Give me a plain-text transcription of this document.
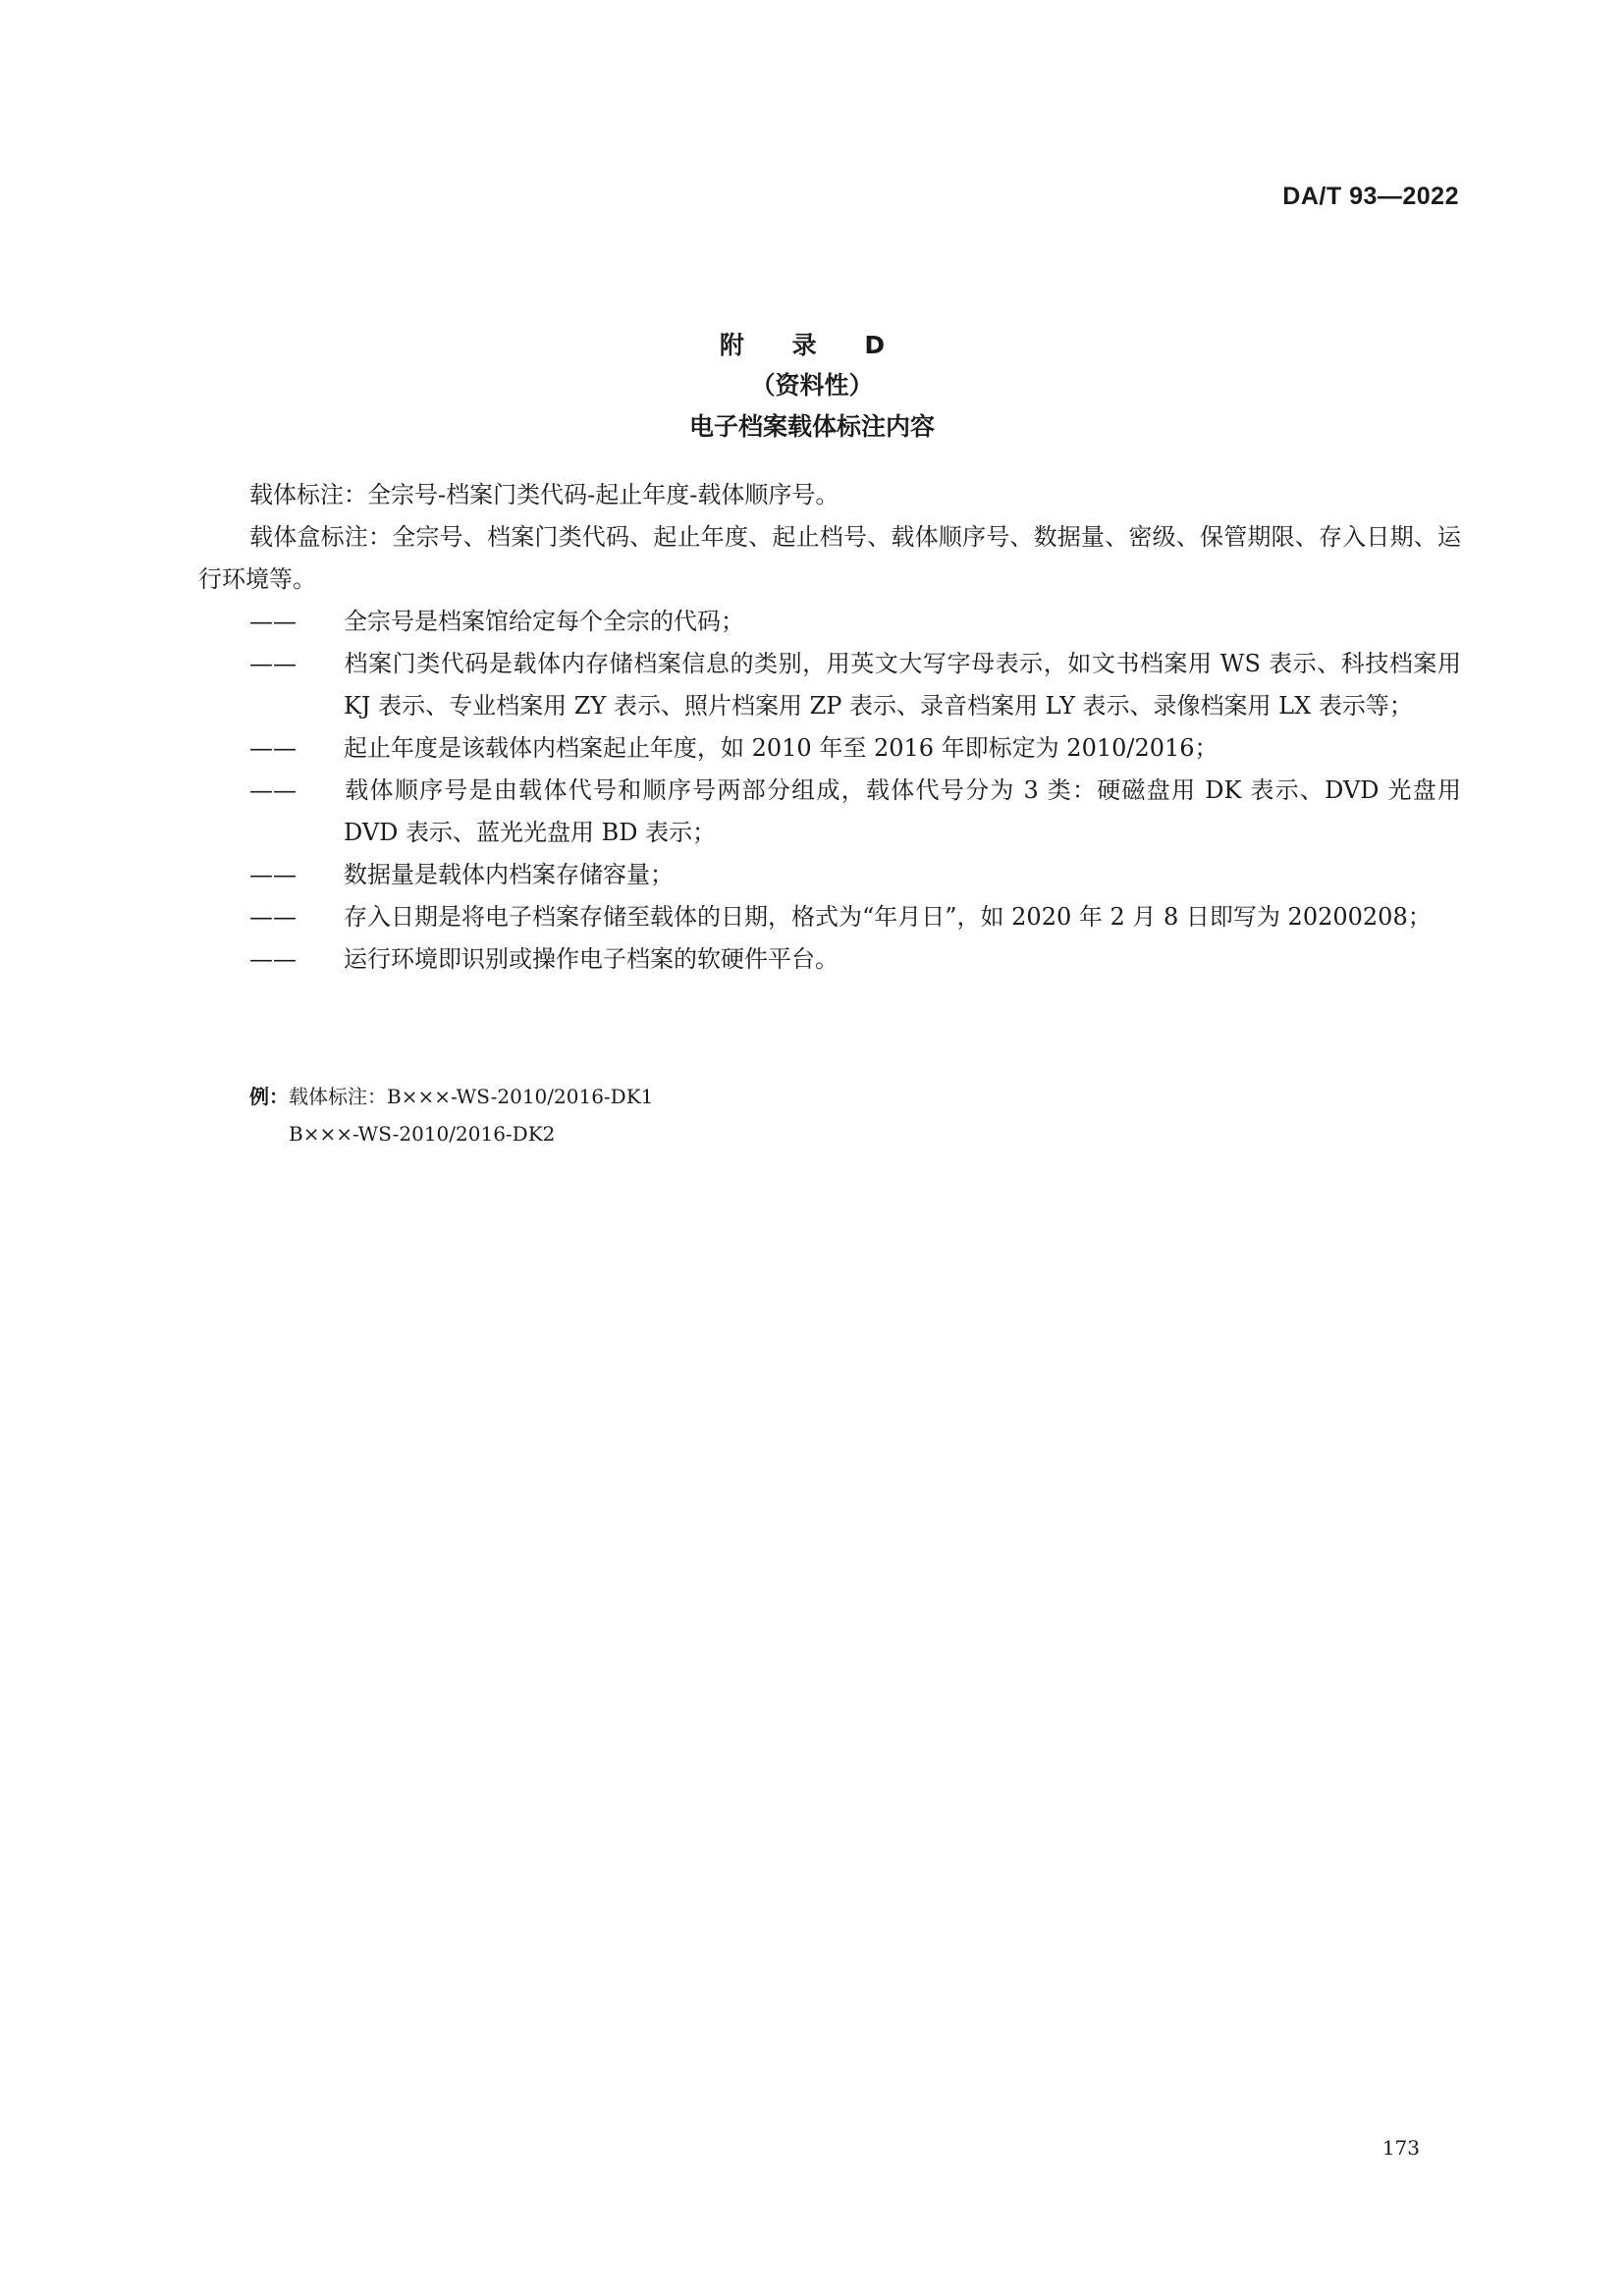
DA/T 93—2022
附 录 D
（资料性）
电子档案载体标注内容
载体标注：全宗号-档案门类代码-起止年度-载体顺序号。
载体盒标注：全宗号、档案门类代码、起止年度、起止档号、载体顺序号、数据量、密级、保管期限、存入日期、运行环境等。
—— 全宗号是档案馆给定每个全宗的代码；
—— 档案门类代码是载体内存储档案信息的类别，用英文大写字母表示，如文书档案用 WS 表示、科技档案用 KJ 表示、专业档案用 ZY 表示、照片档案用 ZP 表示、录音档案用 LY 表示、录像档案用 LX 表示等；
—— 起止年度是该载体内档案起止年度，如 2010 年至 2016 年即标定为 2010/2016；
—— 载体顺序号是由载体代号和顺序号两部分组成，载体代号分为 3 类：硬磁盘用 DK 表示、DVD 光盘用 DVD 表示、蓝光光盘用 BD 表示；
—— 数据量是载体内档案存储容量；
—— 存入日期是将电子档案存储至载体的日期，格式为“年月日”，如 2020 年 2 月 8 日即写为 20200208；
—— 运行环境即识别或操作电子档案的软硬件平台。
例：载体标注：B×××-WS-2010/2016-DK1
B×××-WS-2010/2016-DK2
173
